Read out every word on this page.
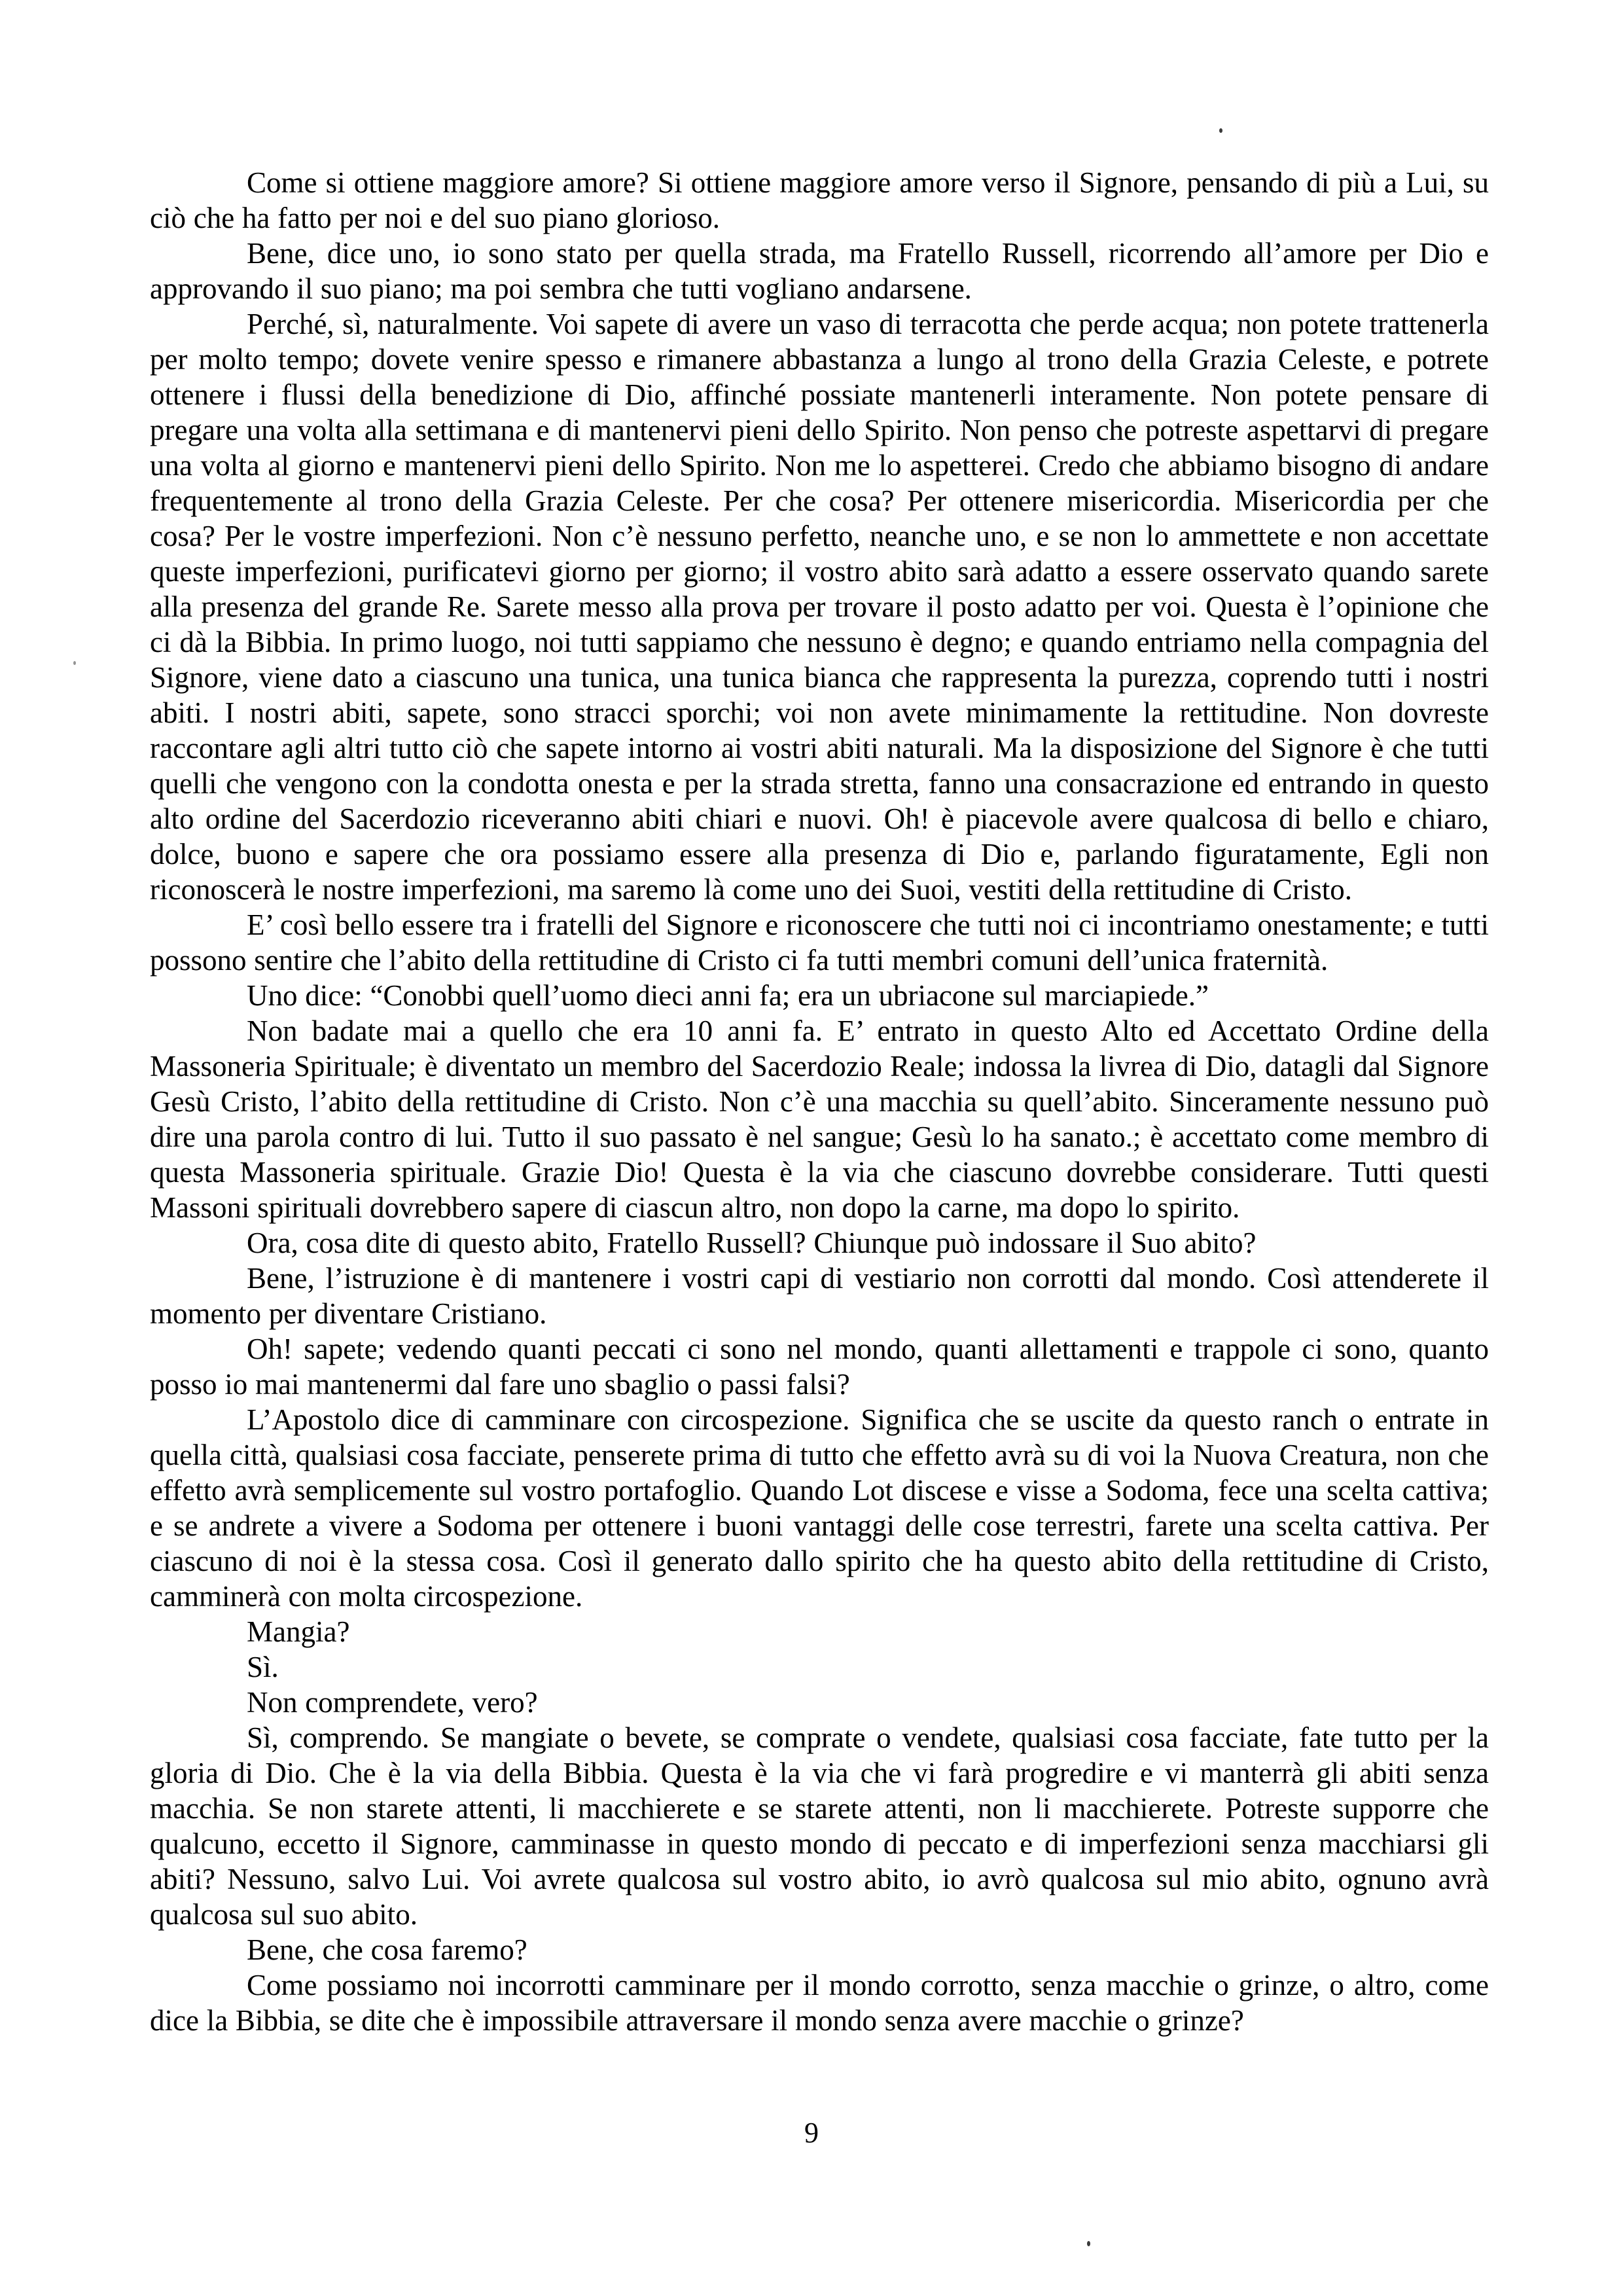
Come si ottiene maggiore amore? Si ottiene maggiore amore verso il Signore, pensando di più a Lui, su ciò che ha fatto per noi e del suo piano glorioso.

Bene, dice uno, io sono stato per quella strada, ma Fratello Russell, ricorrendo all’amore per Dio e approvando il suo piano; ma poi sembra che tutti vogliano andarsene.

Perché, sì, naturalmente. Voi sapete di avere un vaso di terracotta che perde acqua; non potete trattenerla per molto tempo; dovete venire spesso e rimanere abbastanza a lungo al trono della Grazia Celeste, e potrete ottenere i flussi della benedizione di Dio, affinché possiate mantenerli interamente. Non potete pensare di pregare una volta alla settimana e di mantenervi pieni dello Spirito. Non penso che potreste aspettarvi di pregare una volta al giorno e mantenervi pieni dello Spirito. Non me lo aspetterei. Credo che abbiamo bisogno di andare frequentemente al trono della Grazia Celeste. Per che cosa? Per ottenere misericordia. Misericordia per che cosa? Per le vostre imperfezioni. Non c’è nessuno perfetto, neanche uno, e se non lo ammettete e non accettate queste imperfezioni, purificatevi giorno per giorno; il vostro abito sarà adatto a essere osservato quando sarete alla presenza del grande Re. Sarete messo alla prova per trovare il posto adatto per voi. Questa è l’opinione che ci dà la Bibbia. In primo luogo, noi tutti sappiamo che nessuno è degno; e quando entriamo nella compagnia del Signore, viene dato a ciascuno una tunica, una tunica bianca che rappresenta la purezza, coprendo tutti i nostri abiti. I nostri abiti, sapete, sono stracci sporchi; voi non avete minimamente la rettitudine. Non dovreste raccontare agli altri tutto ciò che sapete intorno ai vostri abiti naturali. Ma la disposizione del Signore è che tutti quelli che vengono con la condotta onesta e per la strada stretta, fanno una consacrazione ed entrando in questo alto ordine del Sacerdozio riceveranno abiti chiari e nuovi. Oh! è piacevole avere qualcosa di bello e chiaro, dolce, buono e sapere che ora possiamo essere alla presenza di Dio e, parlando figuratamente, Egli non riconoscerà le nostre imperfezioni, ma saremo là come uno dei Suoi, vestiti della rettitudine di Cristo.

E’ così bello essere tra i fratelli del Signore e riconoscere che tutti noi ci incontriamo onestamente; e tutti possono sentire che l’abito della rettitudine di Cristo ci fa tutti membri comuni dell’unica fraternità.

Uno dice: “Conobbi quell’uomo dieci anni fa; era un ubriacone sul marciapiede.”

Non badate mai a quello che era 10 anni fa. E’ entrato in questo Alto ed Accettato Ordine della Massoneria Spirituale; è diventato un membro del Sacerdozio Reale; indossa la livrea di Dio, datagli dal Signore Gesù Cristo, l’abito della rettitudine di Cristo. Non c’è una macchia su quell’abito. Sinceramente nessuno può dire una parola contro di lui. Tutto il suo passato è nel sangue; Gesù lo ha sanato.; è accettato come membro di questa Massoneria spirituale. Grazie Dio! Questa è la via che ciascuno dovrebbe considerare. Tutti questi Massoni spirituali dovrebbero sapere di ciascun altro, non dopo la carne, ma dopo lo spirito.

Ora, cosa dite di questo abito, Fratello Russell? Chiunque può indossare il Suo abito?

Bene, l’istruzione è di mantenere i vostri capi di vestiario non corrotti dal mondo. Così attenderete il momento per diventare Cristiano.

Oh! sapete; vedendo quanti peccati ci sono nel mondo, quanti allettamenti e trappole ci sono, quanto posso io mai mantenermi dal fare uno sbaglio o passi falsi?

L’Apostolo dice di camminare con circospezione. Significa che se uscite da questo ranch o entrate in quella città, qualsiasi cosa facciate, penserete prima di tutto che effetto avrà su di voi la Nuova Creatura, non che effetto avrà semplicemente sul vostro portafoglio. Quando Lot discese e visse a Sodoma, fece una scelta cattiva; e se andrete a vivere a Sodoma per ottenere i buoni vantaggi delle cose terrestri, farete una scelta cattiva. Per ciascuno di noi è la stessa cosa. Così il generato dallo spirito che ha questo abito della rettitudine di Cristo, camminerà con molta circospezione.

Mangia?

Sì.

Non comprendete, vero?

Sì, comprendo. Se mangiate o bevete, se comprate o vendete, qualsiasi cosa facciate, fate tutto per la gloria di Dio. Che è la via della Bibbia. Questa è la via che vi farà progredire e vi manterrà gli abiti senza macchia. Se non starete attenti, li macchierete e se starete attenti, non li macchierete. Potreste supporre che qualcuno, eccetto il Signore, camminasse in questo mondo di peccato e di imperfezioni senza macchiarsi gli abiti? Nessuno, salvo Lui. Voi avrete qualcosa sul vostro abito, io avrò qualcosa sul mio abito, ognuno avrà qualcosa sul suo abito.

Bene, che cosa faremo?

Come possiamo noi incorrotti camminare per il mondo corrotto, senza macchie o grinze, o altro, come dice la Bibbia, se dite che è impossibile attraversare il mondo senza avere macchie o grinze?

9
